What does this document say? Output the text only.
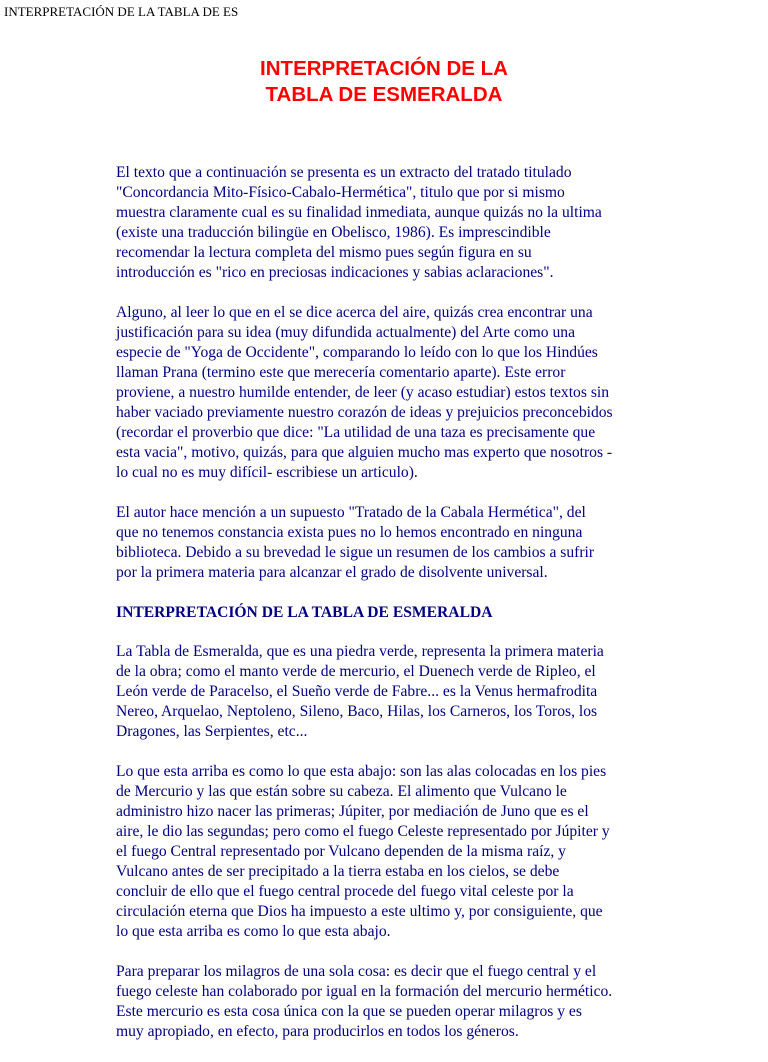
INTERPRETACIÓN DE LA TABLA DE ES
INTERPRETACIÓN DE LA
TABLA DE ESMERALDA

El texto que a continuación se presenta es un extracto del tratado titulado
"Concordancia Mito-Físico-Cabalo-Hermética", titulo que por si mismo
muestra claramente cual es su finalidad inmediata, aunque quizás no la ultima
(existe una traducción bilingüe en Obelisco, 1986). Es imprescindible
recomendar la lectura completa del mismo pues según figura en su
introducción es "rico en preciosas indicaciones y sabias aclaraciones".

Alguno, al leer lo que en el se dice acerca del aire, quizás crea encontrar una
justificación para su idea (muy difundida actualmente) del Arte como una
especie de "Yoga de Occidente", comparando lo leído con lo que los Hindúes
llaman Prana (termino este que merecería comentario aparte). Este error
proviene, a nuestro humilde entender, de leer (y acaso estudiar) estos textos sin
haber vaciado previamente nuestro corazón de ideas y prejuicios preconcebidos
(recordar el proverbio que dice: "La utilidad de una taza es precisamente que
esta vacia", motivo, quizás, para que alguien mucho mas experto que nosotros -
lo cual no es muy difícil- escribiese un articulo).

El autor hace mención a un supuesto "Tratado de la Cabala Hermética", del
que no tenemos constancia exista pues no lo hemos encontrado en ninguna
biblioteca. Debido a su brevedad le sigue un resumen de los cambios a sufrir
por la primera materia para alcanzar el grado de disolvente universal.

INTERPRETACIÓN DE LA TABLA DE ESMERALDA

La Tabla de Esmeralda, que es una piedra verde, representa la primera materia
de la obra; como el manto verde de mercurio, el Duenech verde de Ripleo, el
León verde de Paracelso, el Sueño verde de Fabre... es la Venus hermafrodita
Nereo, Arquelao, Neptoleno, Sileno, Baco, Hilas, los Carneros, los Toros, los
Dragones, las Serpientes, etc...

Lo que esta arriba es como lo que esta abajo: son las alas colocadas en los pies
de Mercurio y las que están sobre su cabeza. El alimento que Vulcano le
administro hizo nacer las primeras; Júpiter, por mediación de Juno que es el
aire, le dio las segundas; pero como el fuego Celeste representado por Júpiter y
el fuego Central representado por Vulcano dependen de la misma raíz, y
Vulcano antes de ser precipitado a la tierra estaba en los cielos, se debe
concluir de ello que el fuego central procede del fuego vital celeste por la
circulación eterna que Dios ha impuesto a este ultimo y, por consiguiente, que
lo que esta arriba es como lo que esta abajo.

Para preparar los milagros de una sola cosa: es decir que el fuego central y el
fuego celeste han colaborado por igual en la formación del mercurio hermético.
Este mercurio es esta cosa única con la que se pueden operar milagros y es
muy apropiado, en efecto, para producirlos en todos los géneros.
